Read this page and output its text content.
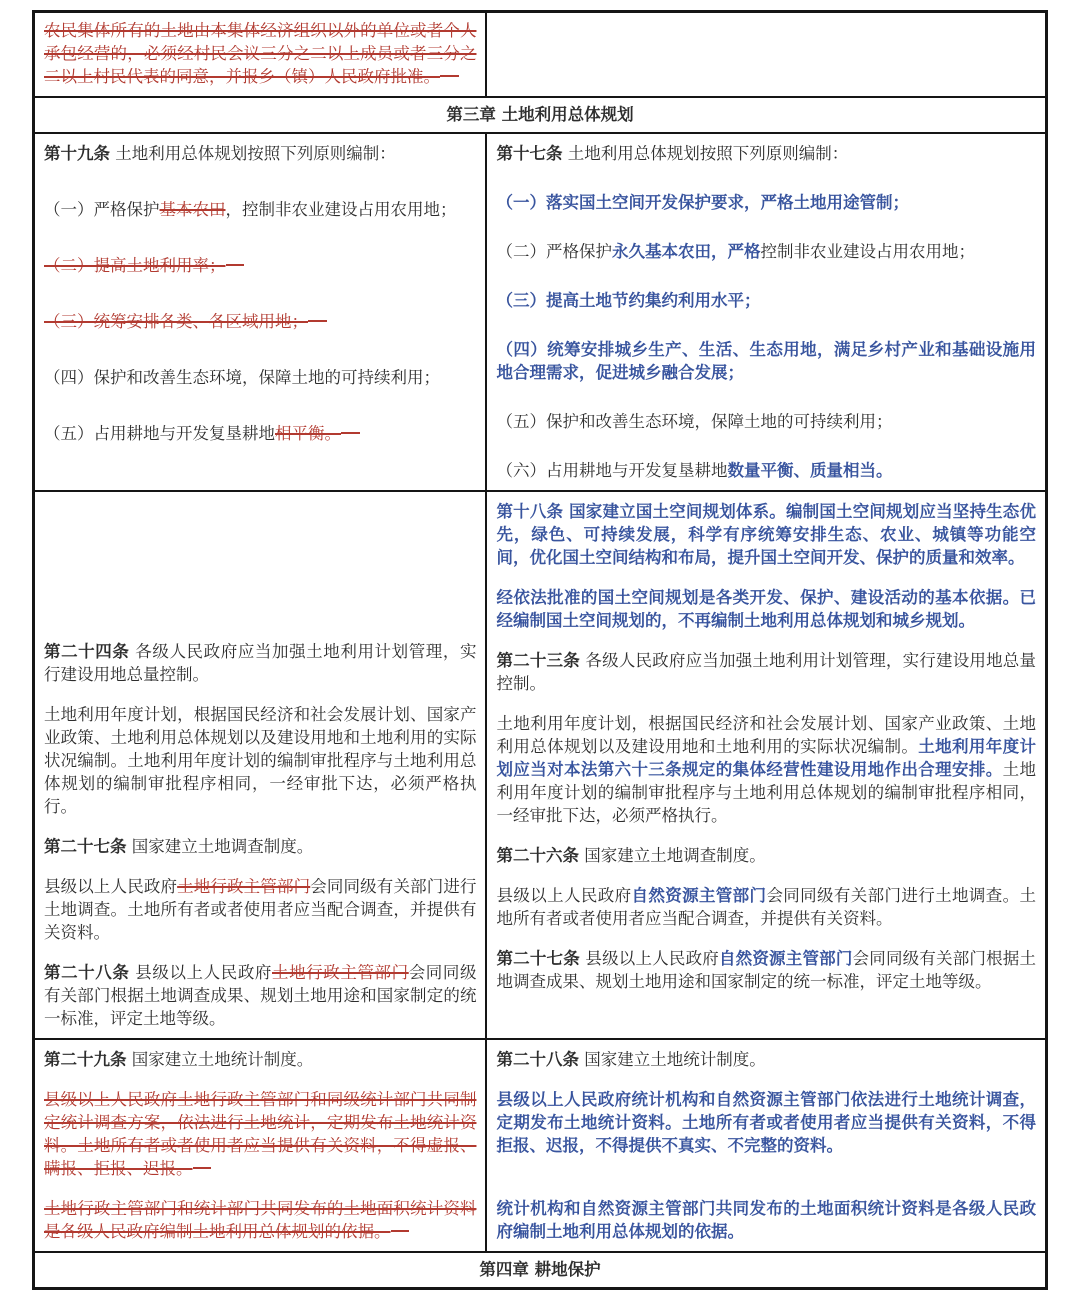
农民集体所有的土地由本集体经济组织以外的单位或者个人承包经营的，必须经村民会议三分之二以上成员或者三分之二以上村民代表的同意，并报乡（镇）人民政府批准。

第三章 土地利用总体规划

第十九条 土地利用总体规划按照下列原则编制：

（一）严格保护基本农田，控制非农业建设占用农用地；

（二）提高土地利用率；

（三）统筹安排各类、各区域用地；

（四）保护和改善生态环境，保障土地的可持续利用；

（五）占用耕地与开发复垦耕地相平衡。

第十七条 土地利用总体规划按照下列原则编制：

（一）落实国土空间开发保护要求，严格土地用途管制；

（二）严格保护永久基本农田，严格控制非农业建设占用农用地；

（三）提高土地节约集约利用水平；

（四）统筹安排城乡生产、生活、生态用地，满足乡村产业和基础设施用地合理需求，促进城乡融合发展；

（五）保护和改善生态环境，保障土地的可持续利用；

（六）占用耕地与开发复垦耕地数量平衡、质量相当。

第二十四条 各级人民政府应当加强土地利用计划管理，实行建设用地总量控制。

土地利用年度计划，根据国民经济和社会发展计划、国家产业政策、土地利用总体规划以及建设用地和土地利用的实际状况编制。土地利用年度计划的编制审批程序与土地利用总体规划的编制审批程序相同，一经审批下达，必须严格执行。

第二十七条 国家建立土地调查制度。

县级以上人民政府土地行政主管部门会同同级有关部门进行土地调查。土地所有者或者使用者应当配合调查，并提供有关资料。

第二十八条 县级以上人民政府土地行政主管部门会同同级有关部门根据土地调查成果、规划土地用途和国家制定的统一标准，评定土地等级。

第十八条 国家建立国土空间规划体系。编制国土空间规划应当坚持生态优先，绿色、可持续发展，科学有序统筹安排生态、农业、城镇等功能空间，优化国土空间结构和布局，提升国土空间开发、保护的质量和效率。

经依法批准的国土空间规划是各类开发、保护、建设活动的基本依据。已经编制国土空间规划的，不再编制土地利用总体规划和城乡规划。

第二十三条 各级人民政府应当加强土地利用计划管理，实行建设用地总量控制。

土地利用年度计划，根据国民经济和社会发展计划、国家产业政策、土地利用总体规划以及建设用地和土地利用的实际状况编制。土地利用年度计划应当对本法第六十三条规定的集体经营性建设用地作出合理安排。土地利用年度计划的编制审批程序与土地利用总体规划的编制审批程序相同，一经审批下达，必须严格执行。

第二十六条 国家建立土地调查制度。

县级以上人民政府自然资源主管部门会同同级有关部门进行土地调查。土地所有者或者使用者应当配合调查，并提供有关资料。

第二十七条 县级以上人民政府自然资源主管部门会同同级有关部门根据土地调查成果、规划土地用途和国家制定的统一标准，评定土地等级。

第二十九条 国家建立土地统计制度。

县级以上人民政府土地行政主管部门和同级统计部门共同制定统计调查方案，依法进行土地统计，定期发布土地统计资料。土地所有者或者使用者应当提供有关资料，不得虚报、瞒报、拒报、迟报。

土地行政主管部门和统计部门共同发布的土地面积统计资料是各级人民政府编制土地利用总体规划的依据。

第二十八条 国家建立土地统计制度。

县级以上人民政府统计机构和自然资源主管部门依法进行土地统计调查，定期发布土地统计资料。土地所有者或者使用者应当提供有关资料，不得拒报、迟报，不得提供不真实、不完整的资料。

统计机构和自然资源主管部门共同发布的土地面积统计资料是各级人民政府编制土地利用总体规划的依据。

第四章 耕地保护
